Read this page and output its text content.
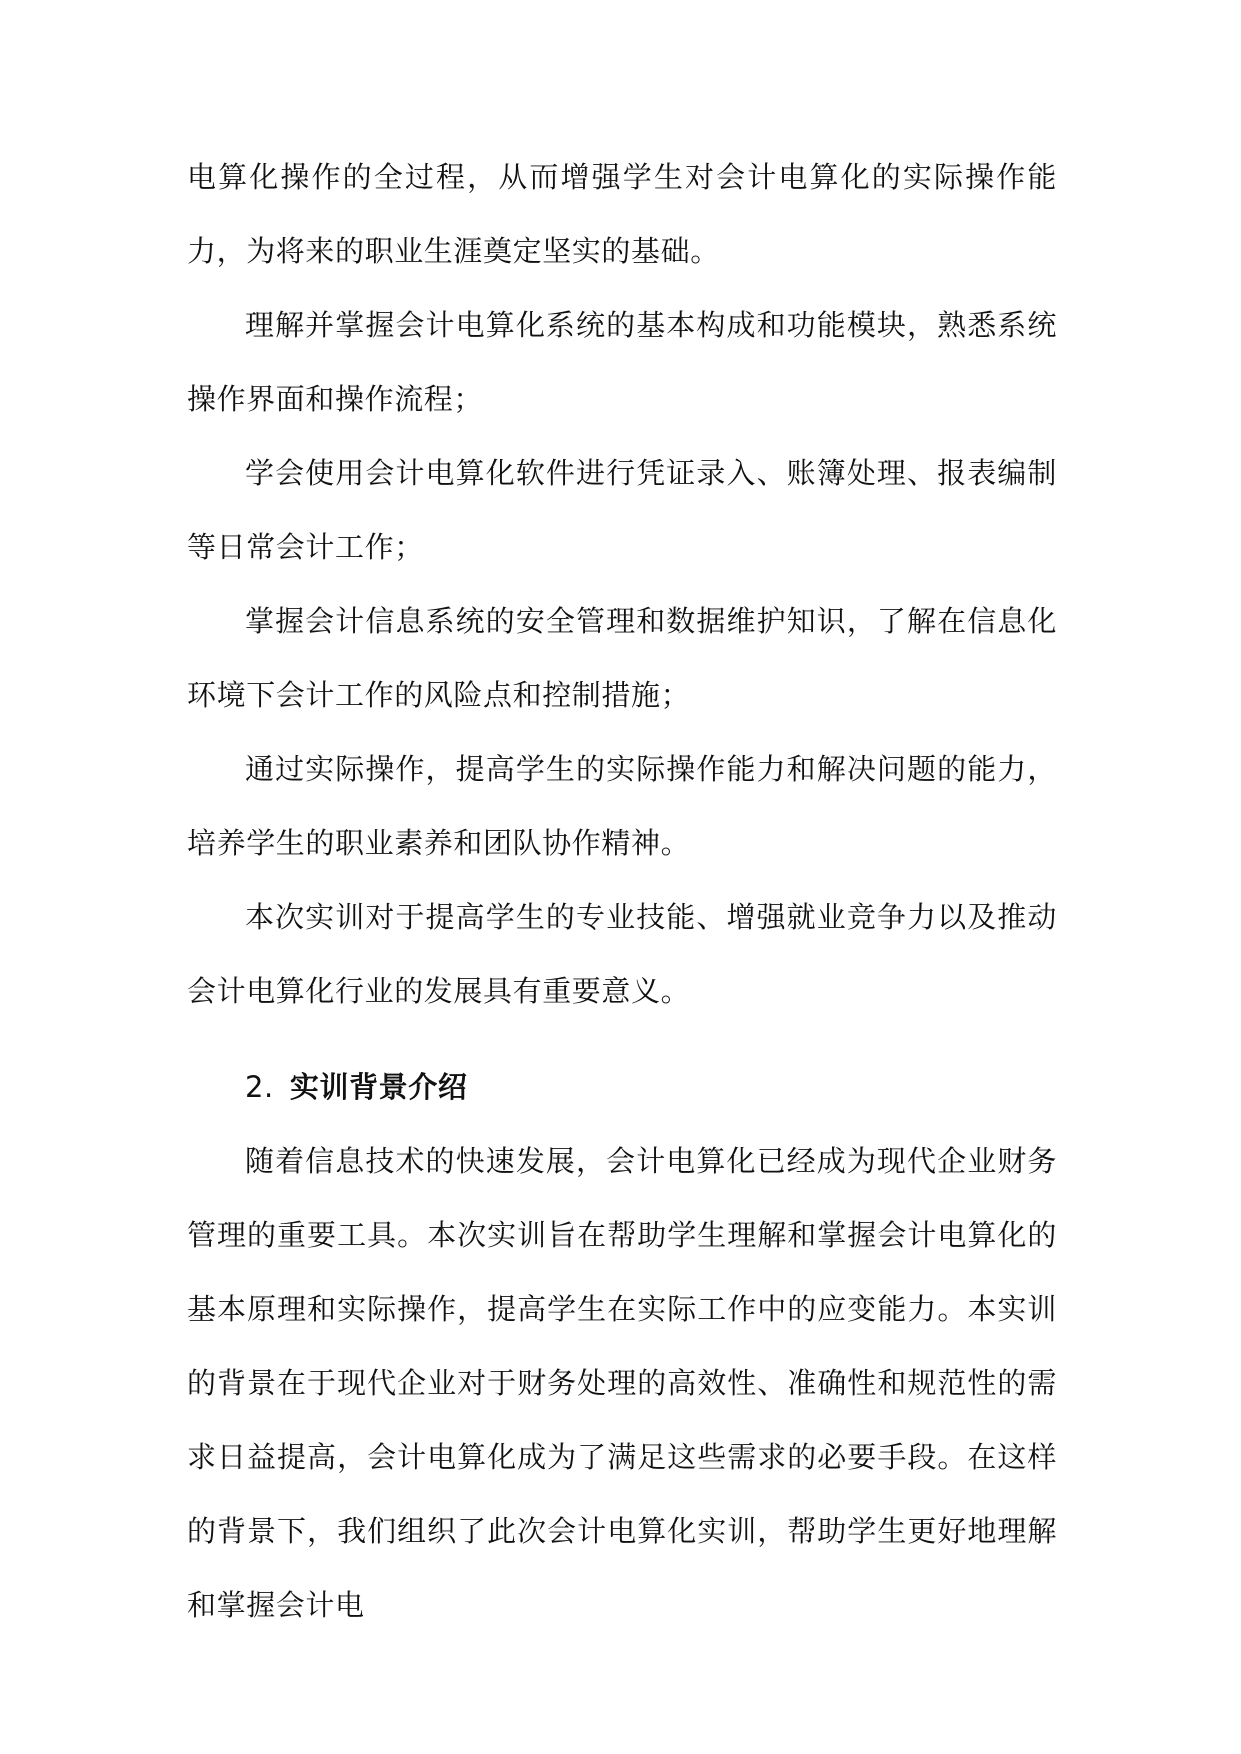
电算化操作的全过程，从而增强学生对会计电算化的实际操作能力，为将来的职业生涯奠定坚实的基础。

理解并掌握会计电算化系统的基本构成和功能模块，熟悉系统操作界面和操作流程；

学会使用会计电算化软件进行凭证录入、账簿处理、报表编制等日常会计工作；

掌握会计信息系统的安全管理和数据维护知识，了解在信息化环境下会计工作的风险点和控制措施；

通过实际操作，提高学生的实际操作能力和解决问题的能力，培养学生的职业素养和团队协作精神。

本次实训对于提高学生的专业技能、增强就业竞争力以及推动会计电算化行业的发展具有重要意义。

2. 实训背景介绍

随着信息技术的快速发展，会计电算化已经成为现代企业财务管理的重要工具。本次实训旨在帮助学生理解和掌握会计电算化的基本原理和实际操作，提高学生在实际工作中的应变能力。本实训的背景在于现代企业对于财务处理的高效性、准确性和规范性的需求日益提高，会计电算化成为了满足这些需求的必要手段。在这样的背景下，我们组织了此次会计电算化实训，帮助学生更好地理解和掌握会计电
